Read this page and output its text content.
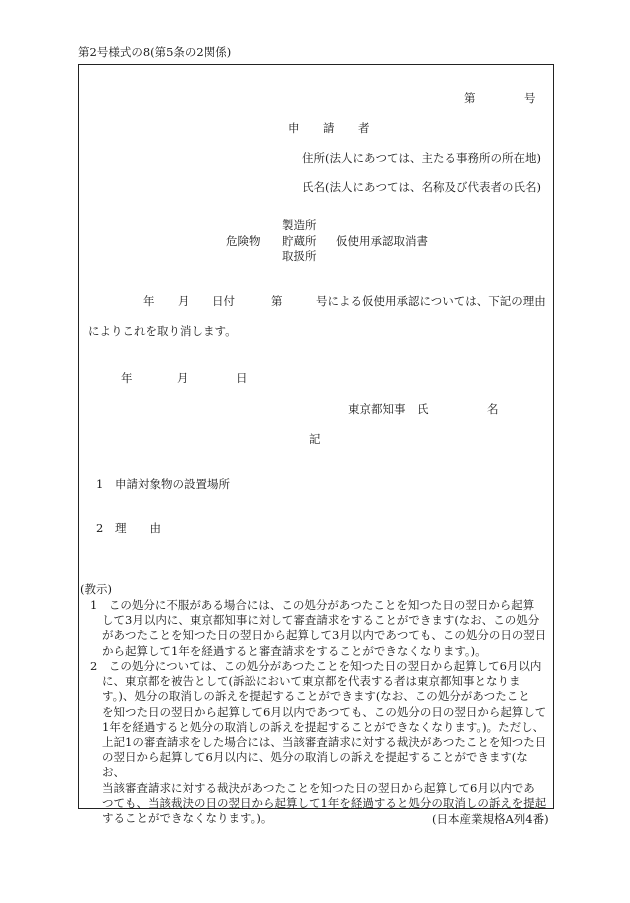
第2号様式の8(第5条の2関係)
第	号
申　請　者
住所(法人にあつては、主たる事務所の所在地)
氏名(法人にあつては、名称及び代表者の氏名)
製造所
危険物 貯蔵所 仮使用承認取消書
取扱所
年 月 日付	第	号による仮使用承認については、下記の理由
によりこれを取り消します。
年	月	日
東京都知事　氏	名
記
1 申請対象物の設置場所
2 理　　由
(教示)

1　この処分に不服がある場合には、この処分があつたことを知つた日の翌日から起算

して3月以内に、東京都知事に対して審査請求をすることができます(なお、この処分

があつたことを知つた日の翌日から起算して3月以内であつても、この処分の日の翌日

から起算して1年を経過すると審査請求をすることができなくなります。)。

2　この処分については、この処分があつたことを知つた日の翌日から起算して6月以内

に、東京都を被告として(訴訟において東京都を代表する者は東京都知事となりま

す。)、処分の取消しの訴えを提起することができます(なお、この処分があつたこと

を知つた日の翌日から起算して6月以内であつても、この処分の日の翌日から起算して

1年を経過すると処分の取消しの訴えを提起することができなくなります。)。ただし、

上記1の審査請求をした場合には、当該審査請求に対する裁決があつたことを知つた日

の翌日から起算して6月以内に、処分の取消しの訴えを提起することができます(なお、

当該審査請求に対する裁決があつたことを知つた日の翌日から起算して6月以内であ

つても、当該裁決の日の翌日から起算して1年を経過すると処分の取消しの訴えを提起

することができなくなります。)。	(日本産業規格A列4番)
